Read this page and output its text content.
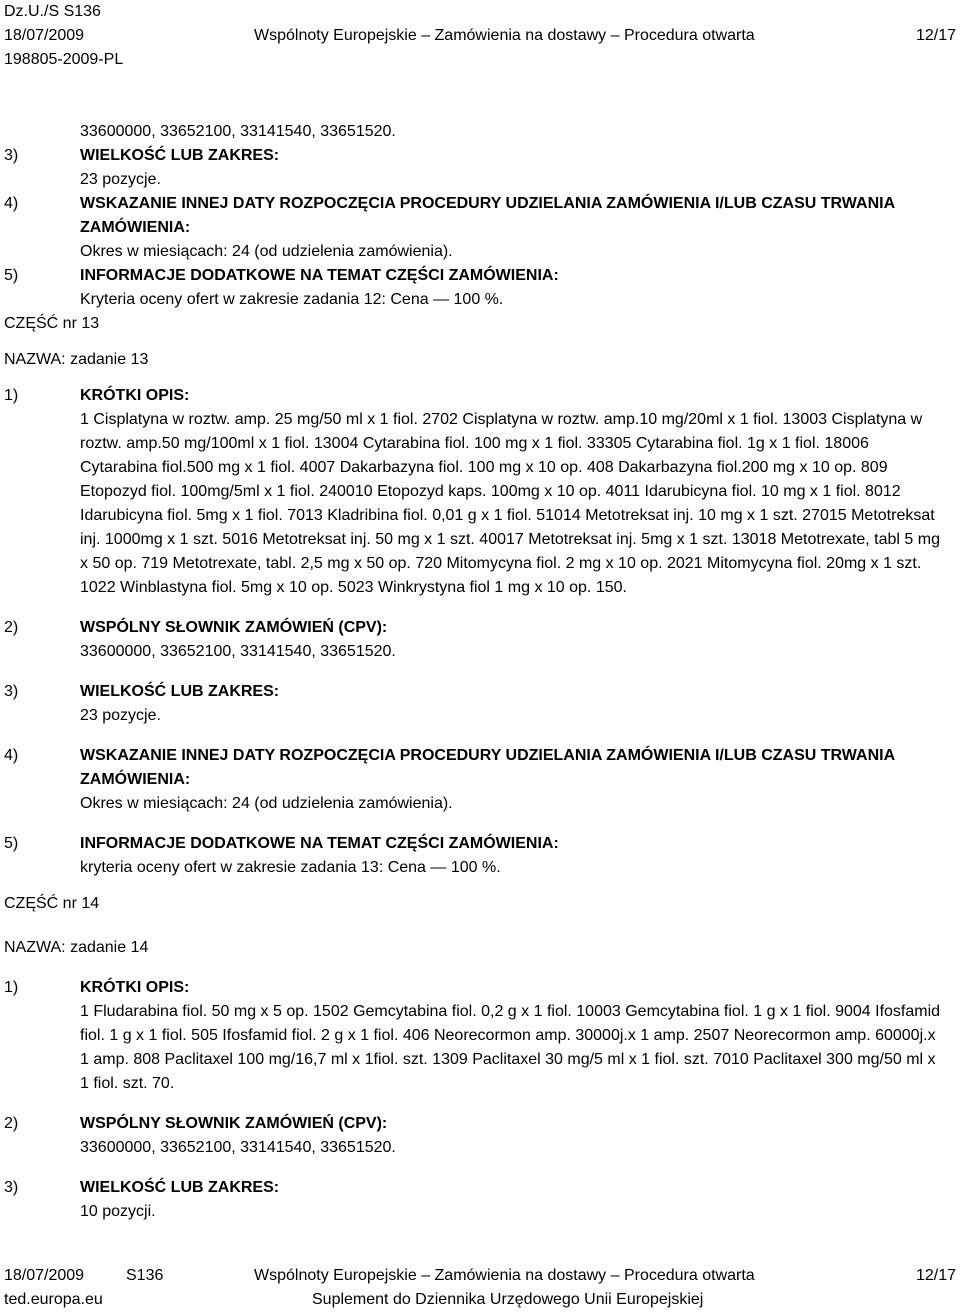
Dz.U./S S136
18/07/2009	Wspólnoty Europejskie – Zamówienia na dostawy – Procedura otwarta	12/17
198805-2009-PL
33600000, 33652100, 33141540, 33651520.
3)	WIELKOŚĆ LUB ZAKRES:
23 pozycje.
4)	WSKAZANIE INNEJ DATY ROZPOCZĘCIA PROCEDURY UDZIELANIA ZAMÓWIENIA I/LUB CZASU TRWANIA ZAMÓWIENIA:
Okres w miesiącach: 24 (od udzielenia zamówienia).
5)	INFORMACJE DODATKOWE NA TEMAT CZĘŚCI ZAMÓWIENIA:
Kryteria oceny ofert w zakresie zadania 12: Cena — 100 %.
CZĘŚĆ nr 13
NAZWA: zadanie 13
1)	KRÓTKI OPIS:
1 Cisplatyna w roztw. amp. 25 mg/50 ml x 1 fiol. 2702 Cisplatyna w roztw. amp.10 mg/20ml x 1 fiol. 13003 Cisplatyna w roztw. amp.50 mg/100ml x 1 fiol. 13004 Cytarabina fiol. 100 mg x 1 fiol. 33305 Cytarabina fiol. 1g x 1 fiol. 18006 Cytarabina fiol.500 mg x 1 fiol. 4007 Dakarbazyna fiol. 100 mg x 10 op. 408 Dakarbazyna fiol.200 mg x 10 op. 809 Etopozyd fiol. 100mg/5ml x 1 fiol. 240010 Etopozyd kaps. 100mg x 10 op. 4011 Idarubicyna fiol. 10 mg x 1 fiol. 8012 Idarubicyna fiol. 5mg x 1 fiol. 7013 Kladribina fiol. 0,01 g x 1 fiol. 51014 Metotreksat inj. 10 mg x 1 szt. 27015 Metotreksat inj. 1000mg x 1 szt. 5016 Metotreksat inj. 50 mg x 1 szt. 40017 Metotreksat inj. 5mg x 1 szt. 13018 Metotrexate, tabl 5 mg x 50 op. 719 Metotrexate, tabl. 2,5 mg x 50 op. 720 Mitomycyna fiol. 2 mg x 10 op. 2021 Mitomycyna fiol. 20mg x 1 szt. 1022 Winblastyna fiol. 5mg x 10 op. 5023 Winkrystyna fiol 1 mg x 10 op. 150.
2)	WSPÓLNY SŁOWNIK ZAMÓWIEŃ (CPV):
33600000, 33652100, 33141540, 33651520.
3)	WIELKOŚĆ LUB ZAKRES:
23 pozycje.
4)	WSKAZANIE INNEJ DATY ROZPOCZĘCIA PROCEDURY UDZIELANIA ZAMÓWIENIA I/LUB CZASU TRWANIA ZAMÓWIENIA:
Okres w miesiącach: 24 (od udzielenia zamówienia).
5)	INFORMACJE DODATKOWE NA TEMAT CZĘŚCI ZAMÓWIENIA:
kryteria oceny ofert w zakresie zadania 13: Cena — 100 %.
CZĘŚĆ nr 14
NAZWA: zadanie 14
1)	KRÓTKI OPIS:
1 Fludarabina fiol. 50 mg x 5 op. 1502 Gemcytabina fiol. 0,2 g x 1 fiol. 10003 Gemcytabina fiol. 1 g x 1 fiol. 9004 Ifosfamid fiol. 1 g x 1 fiol. 505 Ifosfamid fiol. 2 g x 1 fiol. 406 Neorecormon amp. 30000j.x 1 amp. 2507 Neorecormon amp. 60000j.x 1 amp. 808 Paclitaxel 100 mg/16,7 ml x 1fiol. szt. 1309 Paclitaxel 30 mg/5 ml x 1 fiol. szt. 7010 Paclitaxel 300 mg/50 ml x 1 fiol. szt. 70.
2)	WSPÓLNY SŁOWNIK ZAMÓWIEŃ (CPV):
33600000, 33652100, 33141540, 33651520.
3)	WIELKOŚĆ LUB ZAKRES:
10 pozycji.
18/07/2009	S136	Wspólnoty Europejskie – Zamówienia na dostawy – Procedura otwarta	12/17
ted.europa.eu	Suplement do Dziennika Urzędowego Unii Europejskiej
